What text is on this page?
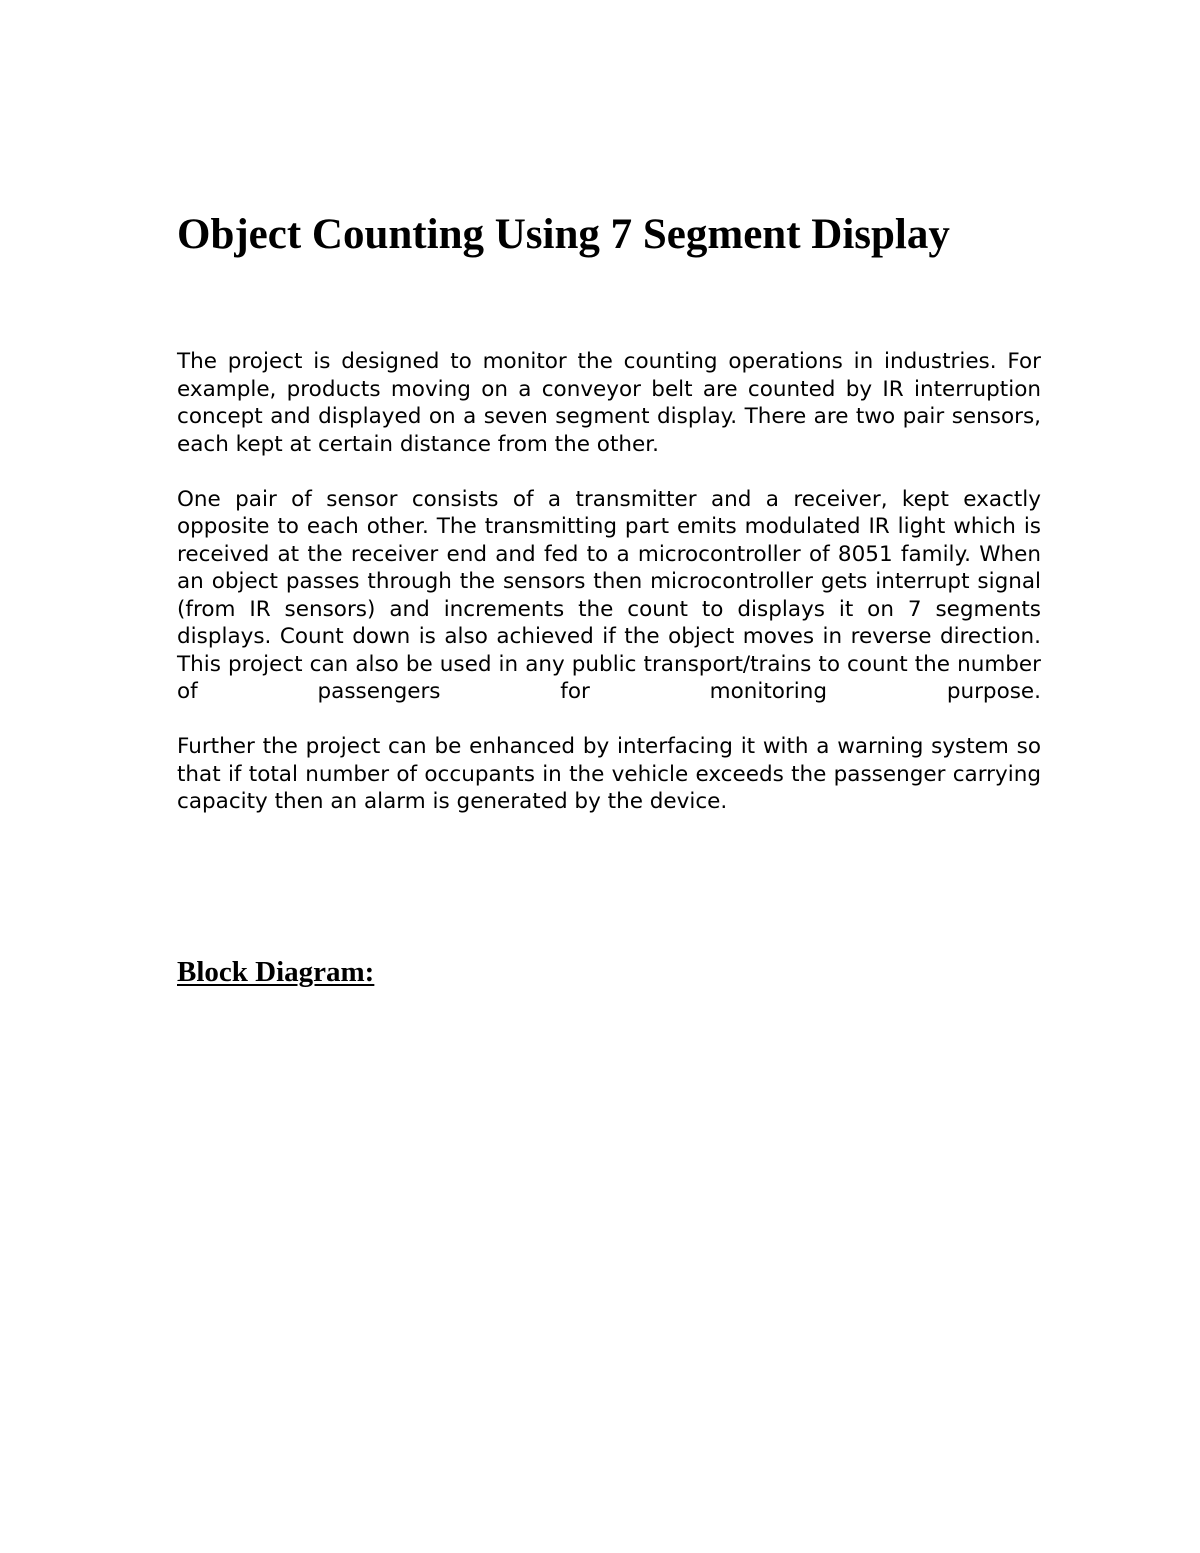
Object Counting Using 7 Segment Display

The project is designed to monitor the counting operations in industries. For example, products moving on a conveyor belt are counted by IR interruption concept and displayed on a seven segment display. There are two pair sensors, each kept at certain distance from the other.

One pair of sensor consists of a transmitter and a receiver, kept exactly opposite to each other. The transmitting part emits modulated IR light which is received at the receiver end and fed to a microcontroller of 8051 family. When an object passes through the sensors then microcontroller gets interrupt signal (from IR sensors) and increments the count to displays it on 7 segments displays. Count down is also achieved if the object moves in reverse direction. This project can also be used in any public transport/trains to count the number of passengers for monitoring purpose.

Further the project can be enhanced by interfacing it with a warning system so that if total number of occupants in the vehicle exceeds the passenger carrying capacity then an alarm is generated by the device.

Block Diagram:
